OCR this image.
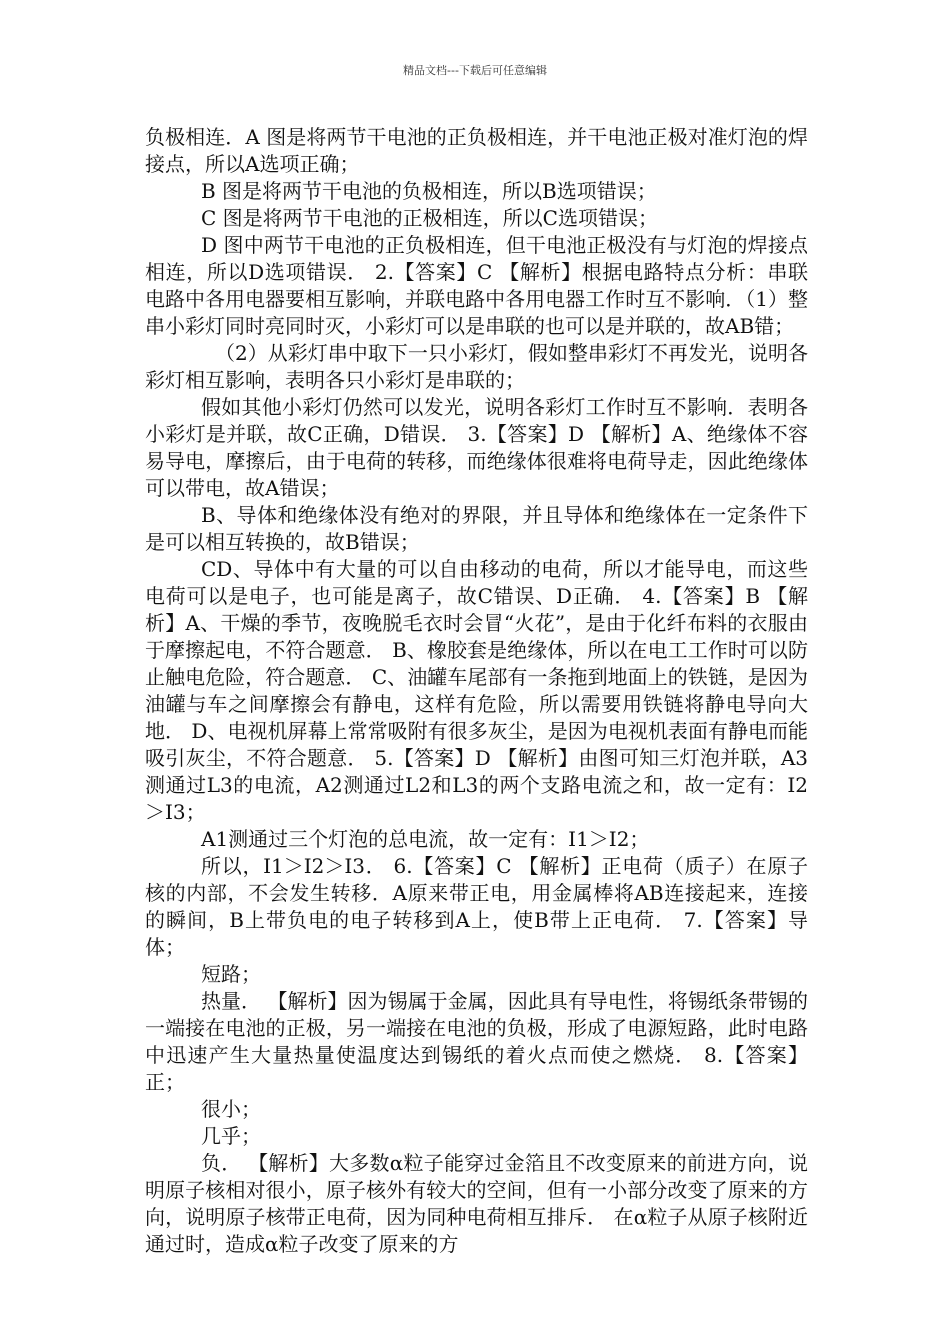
精品文档---下载后可任意编辑

负极相连．A 图是将两节干电池的正负极相连，并干电池正极对准灯泡的焊接点，所以A选项正确；

B 图是将两节干电池的负极相连，所以B选项错误；

C 图是将两节干电池的正极相连，所以C选项错误；

D 图中两节干电池的正负极相连，但干电池正极没有与灯泡的焊接点相连，所以D选项错误． 2.【答案】C 【解析】根据电路特点分析：串联电路中各用电器要相互影响，并联电路中各用电器工作时互不影响．（1）整串小彩灯同时亮同时灭，小彩灯可以是串联的也可以是并联的，故AB错；

（2）从彩灯串中取下一只小彩灯，假如整串彩灯不再发光，说明各彩灯相互影响，表明各只小彩灯是串联的；

假如其他小彩灯仍然可以发光，说明各彩灯工作时互不影响．表明各小彩灯是并联，故C正确，D错误． 3.【答案】D 【解析】A、绝缘体不容易导电，摩擦后，由于电荷的转移，而绝缘体很难将电荷导走，因此绝缘体可以带电，故A错误；

B、导体和绝缘体没有绝对的界限，并且导体和绝缘体在一定条件下是可以相互转换的，故B错误；

CD、导体中有大量的可以自由移动的电荷，所以才能导电，而这些电荷可以是电子，也可能是离子，故C错误、D正确． 4.【答案】B 【解析】A、干燥的季节，夜晚脱毛衣时会冒“火花”，是由于化纤布料的衣服由于摩擦起电，不符合题意． B、橡胶套是绝缘体，所以在电工工作时可以防止触电危险，符合题意． C、油罐车尾部有一条拖到地面上的铁链，是因为油罐与车之间摩擦会有静电，这样有危险，所以需要用铁链将静电导向大地． D、电视机屏幕上常常吸附有很多灰尘，是因为电视机表面有静电而能吸引灰尘，不符合题意． 5.【答案】D 【解析】由图可知三灯泡并联，A3测通过L3的电流，A2测通过L2和L3的两个支路电流之和，故一定有：I2＞I3；

A1测通过三个灯泡的总电流，故一定有：I1＞I2；

所以，I1＞I2＞I3． 6.【答案】C 【解析】正电荷（质子）在原子核的内部，不会发生转移．A原来带正电，用金属棒将AB连接起来，连接的瞬间，B上带负电的电子转移到A上，使B带上正电荷． 7.【答案】导体；

短路；

热量． 【解析】因为锡属于金属，因此具有导电性，将锡纸条带锡的一端接在电池的正极，另一端接在电池的负极，形成了电源短路，此时电路中迅速产生大量热量使温度达到锡纸的着火点而使之燃烧． 8.【答案】正；

很小；

几乎；

负． 【解析】大多数α粒子能穿过金箔且不改变原来的前进方向，说明原子核相对很小，原子核外有较大的空间，但有一小部分改变了原来的方向，说明原子核带正电荷，因为同种电荷相互排斥． 在α粒子从原子核附近通过时，造成α粒子改变了原来的方
